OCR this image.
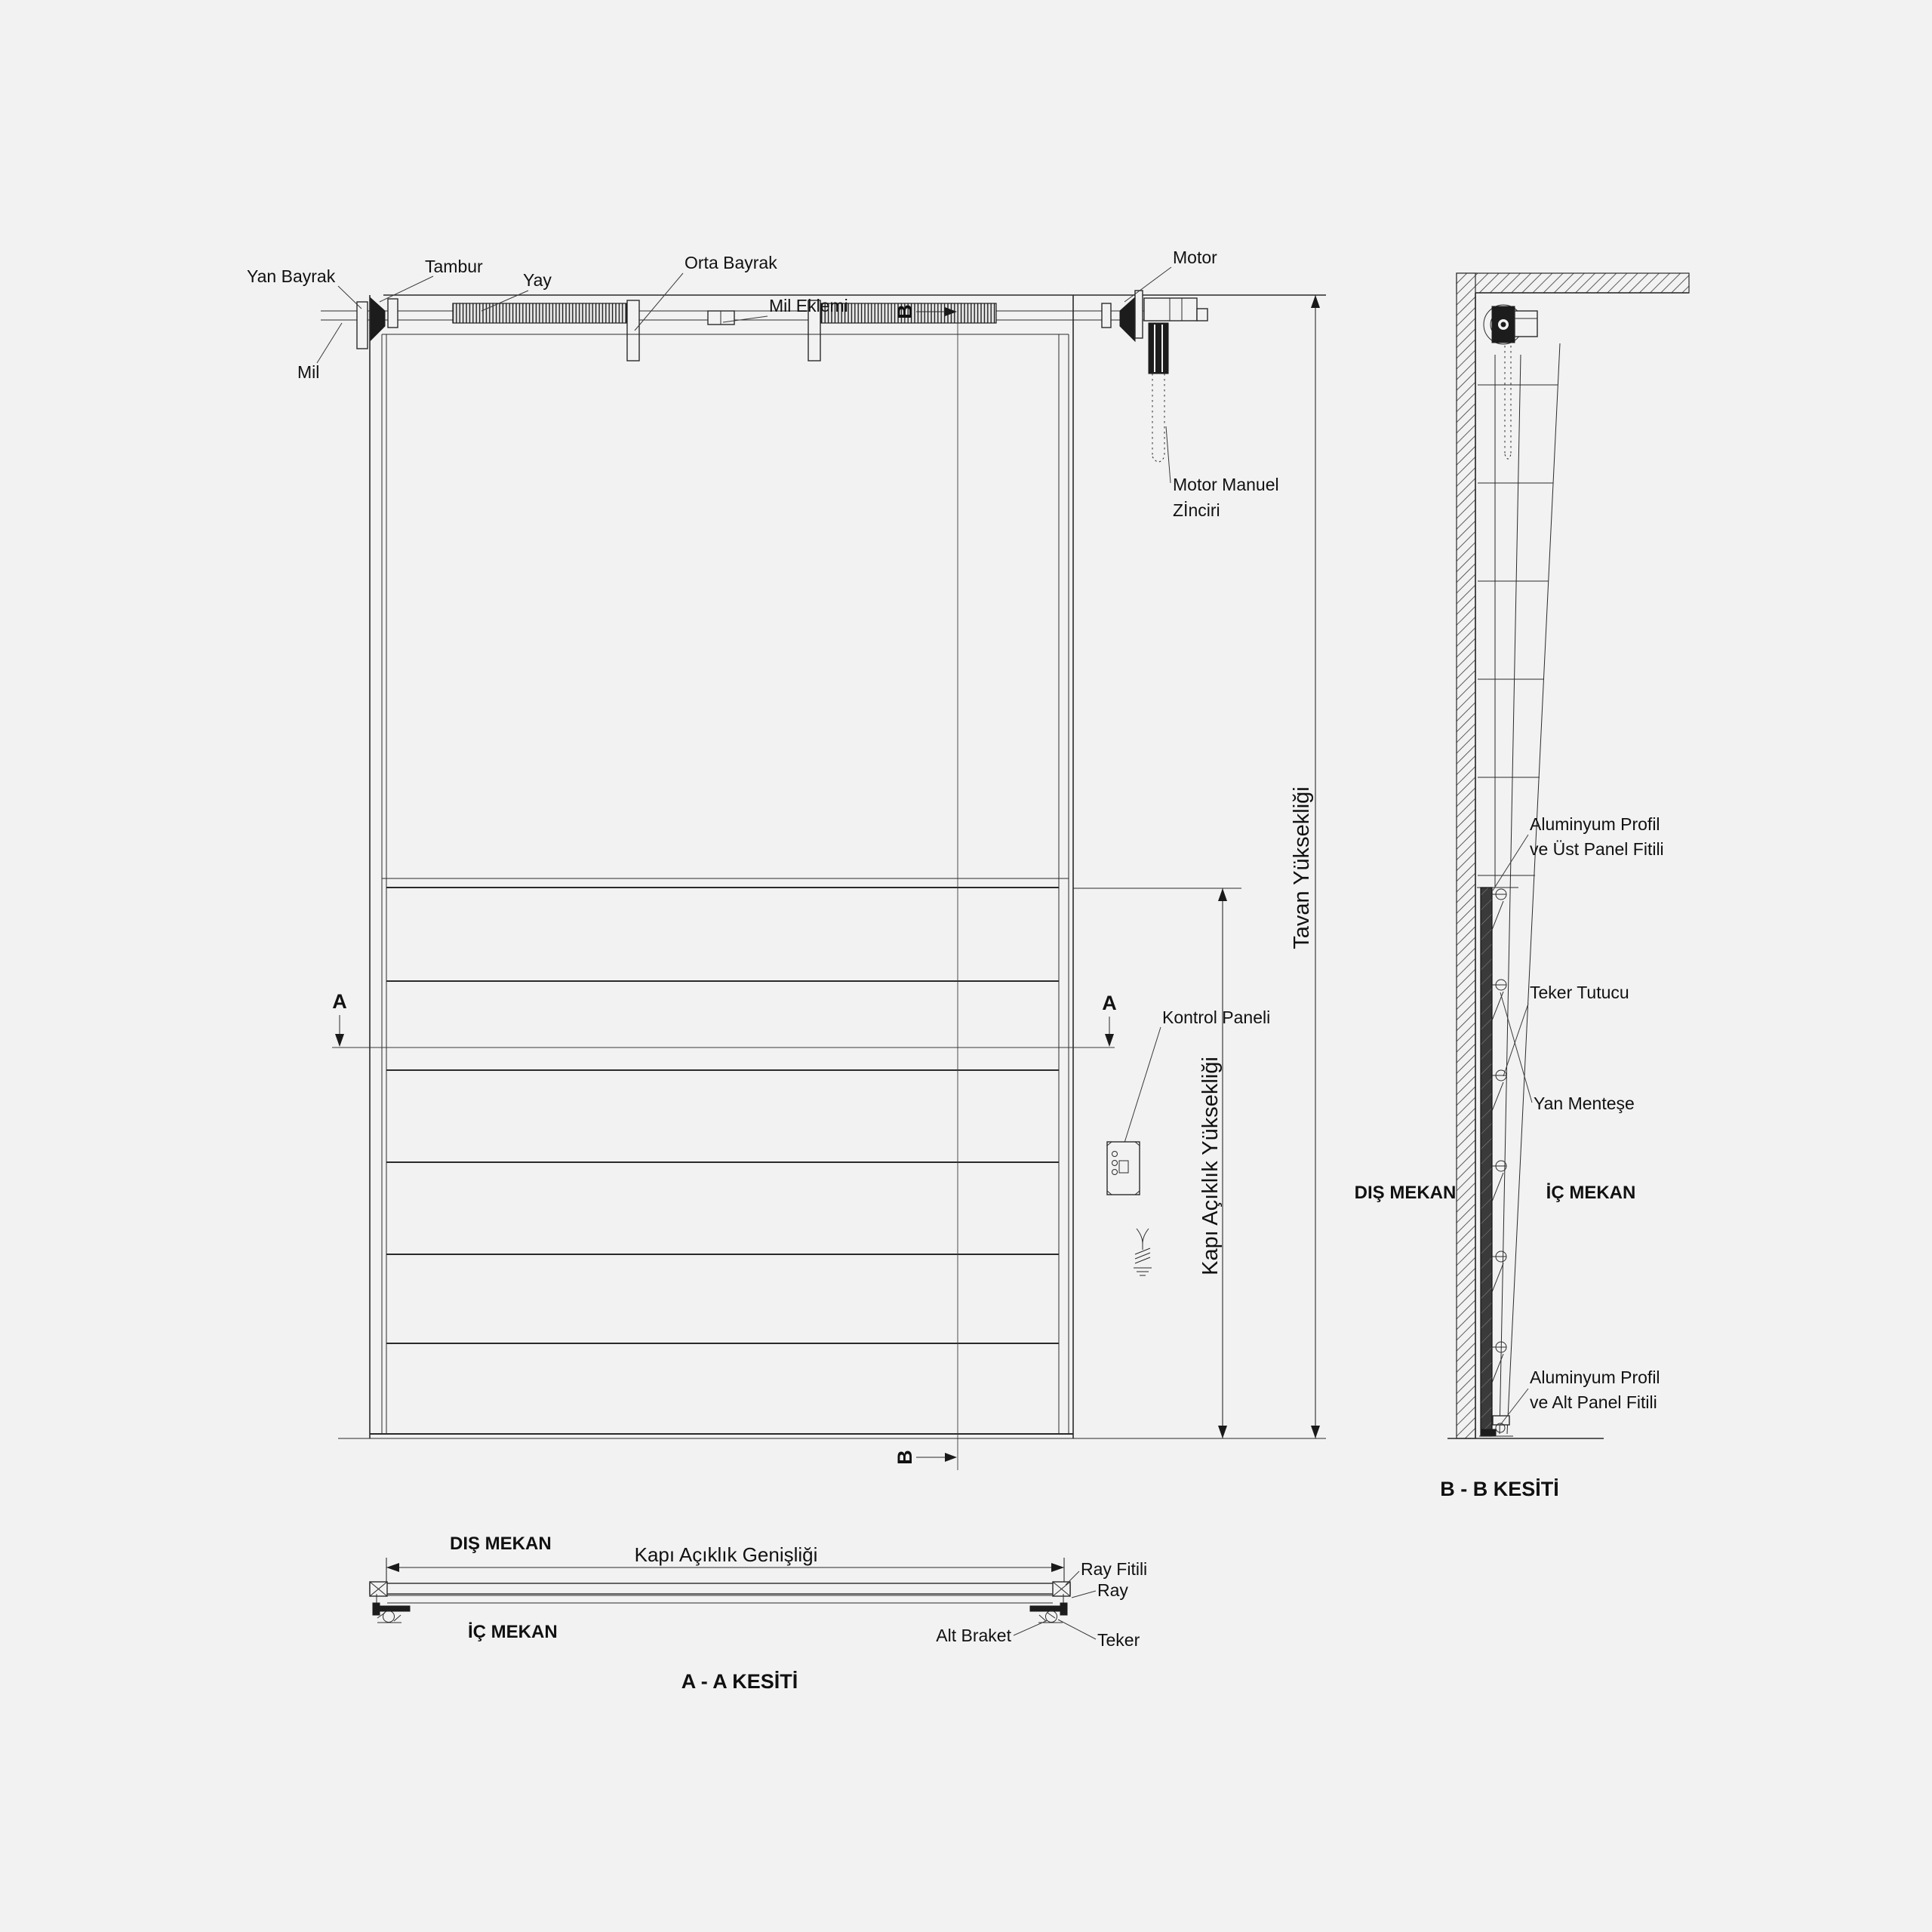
B
B
A	A
Kapı Açıklık Yüksekliği
Tavan Yüksekliği
Yan Bayrak	Tambur
Yay
Mil
Orta Bayrak
Mil Eklemi
Motor
Motor Manuel
Zİnciri
Kontrol Paneli
DIŞ MEKAN	Kapı Açıklık Genişliği
İÇ MEKAN
Ray Fitili
Ray
Teker
Alt Braket
A - A KESİTİ
Aluminyum Profil
ve Üst Panel Fitili
Teker Tutucu
Yan Menteşe
DIŞ MEKAN	İÇ MEKAN
Aluminyum Profil
ve Alt Panel Fitili
B - B KESİTİ
